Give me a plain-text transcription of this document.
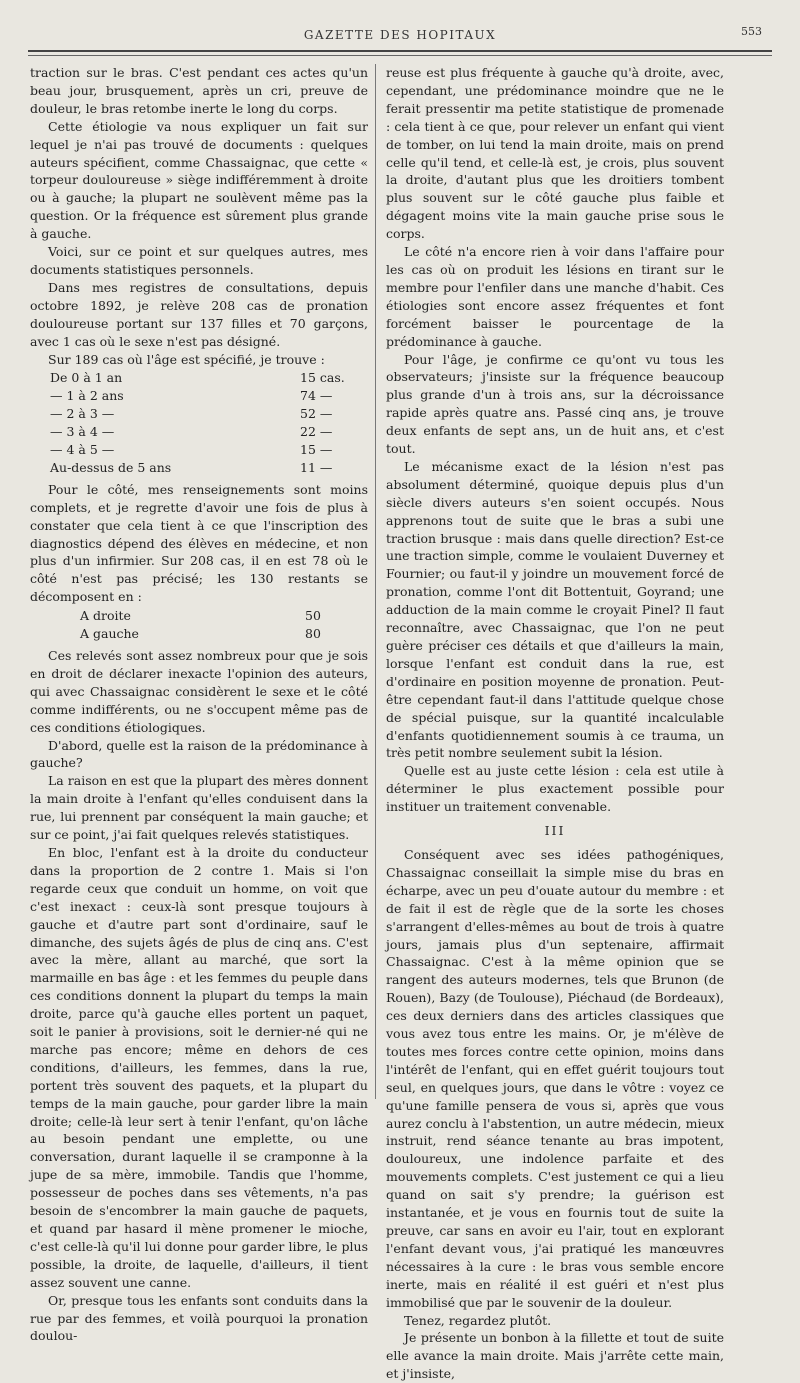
GAZETTE DES HOPITAUX	553

traction sur le bras. C'est pendant ces actes qu'un beau jour, brusquement, après un cri, preuve de douleur, le bras retombe inerte le long du corps.

Cette étiologie va nous expliquer un fait sur lequel je n'ai pas trouvé de documents : quelques auteurs spécifient, comme Chassaignac, que cette « torpeur douloureuse » siège indifféremment à droite ou à gauche; la plupart ne soulèvent même pas la question. Or la fréquence est sûrement plus grande à gauche.

Voici, sur ce point et sur quelques autres, mes documents statistiques personnels.

Dans mes registres de consultations, depuis octobre 1892, je relève 208 cas de pronation douloureuse portant sur 137 filles et 70 garçons, avec 1 cas où le sexe n'est pas désigné.

Sur 189 cas où l'âge est spécifié, je trouve :

De 0 à 1 an	15 cas.
— 1 à 2 ans	74 —
— 2 à 3 —	52 —
— 3 à 4 —	22 —
— 4 à 5 —	15 —
Au-dessus de 5 ans	11 —

Pour le côté, mes renseignements sont moins complets, et je regrette d'avoir une fois de plus à constater que cela tient à ce que l'inscription des diagnostics dépend des élèves en médecine, et non plus d'un infirmier. Sur 208 cas, il en est 78 où le côté n'est pas précisé; les 130 restants se décomposent en :

A droite	50
A gauche	80

Ces relevés sont assez nombreux pour que je sois en droit de déclarer inexacte l'opinion des auteurs, qui avec Chassaignac considèrent le sexe et le côté comme indifférents, ou ne s'occupent même pas de ces conditions étiologiques.

D'abord, quelle est la raison de la prédominance à gauche?

La raison en est que la plupart des mères donnent la main droite à l'enfant qu'elles conduisent dans la rue, lui prennent par conséquent la main gauche; et sur ce point, j'ai fait quelques relevés statistiques.

En bloc, l'enfant est à la droite du conducteur dans la proportion de 2 contre 1. Mais si l'on regarde ceux que conduit un homme, on voit que c'est inexact : ceux-là sont presque toujours à gauche et d'autre part sont d'ordinaire, sauf le dimanche, des sujets âgés de plus de cinq ans. C'est avec la mère, allant au marché, que sort la marmaille en bas âge : et les femmes du peuple dans ces conditions donnent la plupart du temps la main droite, parce qu'à gauche elles portent un paquet, soit le panier à provisions, soit le dernier-né qui ne marche pas encore; même en dehors de ces conditions, d'ailleurs, les femmes, dans la rue, portent très souvent des paquets, et la plupart du temps de la main gauche, pour garder libre la main droite; celle-là leur sert à tenir l'enfant, qu'on lâche au besoin pendant une emplette, ou une conversation, durant laquelle il se cramponne à la jupe de sa mère, immobile. Tandis que l'homme, possesseur de poches dans ses vêtements, n'a pas besoin de s'encombrer la main gauche de paquets, et quand par hasard il mène promener le mioche, c'est celle-là qu'il lui donne pour garder libre, le plus possible, la droite, de laquelle, d'ailleurs, il tient assez souvent une canne.

Or, presque tous les enfants sont conduits dans la rue par des femmes, et voilà pourquoi la pronation doulou-

reuse est plus fréquente à gauche qu'à droite, avec, cependant, une prédominance moindre que ne le ferait pressentir ma petite statistique de promenade : cela tient à ce que, pour relever un enfant qui vient de tomber, on lui tend la main droite, mais on prend celle qu'il tend, et celle-là est, je crois, plus souvent la droite, d'autant plus que les droitiers tombent plus souvent sur le côté gauche plus faible et dégagent moins vite la main gauche prise sous le corps.

Le côté n'a encore rien à voir dans l'affaire pour les cas où on produit les lésions en tirant sur le membre pour l'enfiler dans une manche d'habit. Ces étiologies sont encore assez fréquentes et font forcément baisser le pourcentage de la prédominance à gauche.

Pour l'âge, je confirme ce qu'ont vu tous les observateurs; j'insiste sur la fréquence beaucoup plus grande d'un à trois ans, sur la décroissance rapide après quatre ans. Passé cinq ans, je trouve deux enfants de sept ans, un de huit ans, et c'est tout.

Le mécanisme exact de la lésion n'est pas absolument déterminé, quoique depuis plus d'un siècle divers auteurs s'en soient occupés. Nous apprenons tout de suite que le bras a subi une traction brusque : mais dans quelle direction? Est-ce une traction simple, comme le voulaient Duverney et Fournier; ou faut-il y joindre un mouvement forcé de pronation, comme l'ont dit Bottentuit, Goyrand; une adduction de la main comme le croyait Pinel? Il faut reconnaître, avec Chassaignac, que l'on ne peut guère préciser ces détails et que d'ailleurs la main, lorsque l'enfant est conduit dans la rue, est d'ordinaire en position moyenne de pronation. Peut-être cependant faut-il dans l'attitude quelque chose de spécial puisque, sur la quantité incalculable d'enfants quotidiennement soumis à ce trauma, un très petit nombre seulement subit la lésion.

Quelle est au juste cette lésion : cela est utile à déterminer le plus exactement possible pour instituer un traitement convenable.

III

Conséquent avec ses idées pathogéniques, Chassaignac conseillait la simple mise du bras en écharpe, avec un peu d'ouate autour du membre : et de fait il est de règle que de la sorte les choses s'arrangent d'elles-mêmes au bout de trois à quatre jours, jamais plus d'un septenaire, affirmait Chassaignac. C'est à la même opinion que se rangent des auteurs modernes, tels que Brunon (de Rouen), Bazy (de Toulouse), Piéchaud (de Bordeaux), ces deux derniers dans des articles classiques que vous avez tous entre les mains. Or, je m'élève de toutes mes forces contre cette opinion, moins dans l'intérêt de l'enfant, qui en effet guérit toujours tout seul, en quelques jours, que dans le vôtre : voyez ce qu'une famille pensera de vous si, après que vous aurez conclu à l'abstention, un autre médecin, mieux instruit, rend séance tenante au bras impotent, douloureux, une indolence parfaite et des mouvements complets. C'est justement ce qui a lieu quand on sait s'y prendre; la guérison est instantanée, et je vous en fournis tout de suite la preuve, car sans en avoir eu l'air, tout en explorant l'enfant devant vous, j'ai pratiqué les manœuvres nécessaires à la cure : le bras vous semble encore inerte, mais en réalité il est guéri et n'est plus immobilisé que par le souvenir de la douleur.

Tenez, regardez plutôt.

Je présente un bonbon à la fillette et tout de suite elle avance la main droite. Mais j'arrête cette main, et j'insiste,
